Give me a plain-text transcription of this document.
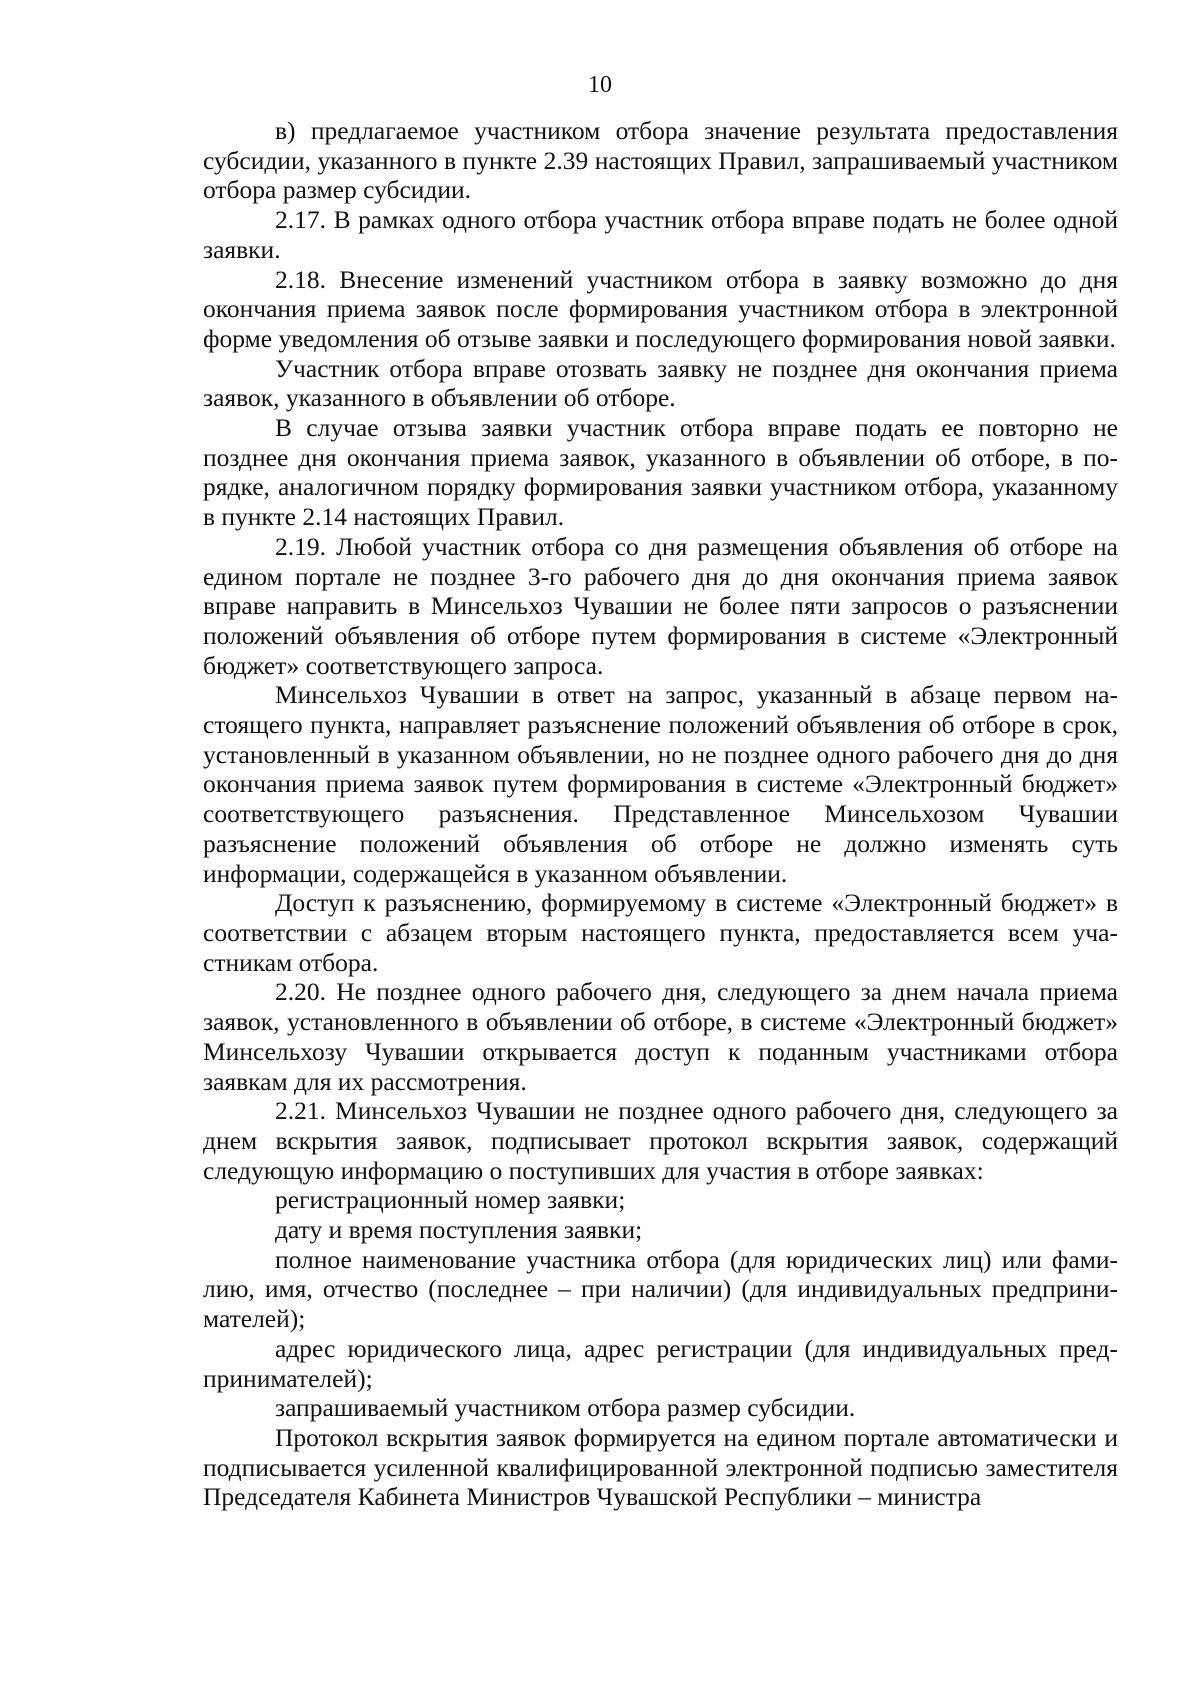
10

в) предлагаемое участником отбора значение результата предоставления субсидии, указанного в пункте 2.39 настоящих Правил, запрашиваемый участником отбора размер субсидии.

2.17. В рамках одного отбора участник отбора вправе подать не более одной заявки.

2.18. Внесение изменений участником отбора в заявку возможно до дня окончания приема заявок после формирования участником отбора в электронной форме уведомления об отзыве заявки и последующего формирования новой заявки.

Участник отбора вправе отозвать заявку не позднее дня окончания приема заявок, указанного в объявлении об отборе.

В случае отзыва заявки участник отбора вправе подать ее повторно не позднее дня окончания приема заявок, указанного в объявлении об отборе, в порядке, аналогичном порядку формирования заявки участником отбора, указанному в пункте 2.14 настоящих Правил.

2.19. Любой участник отбора со дня размещения объявления об отборе на едином портале не позднее 3-го рабочего дня до дня окончания приема заявок вправе направить в Минсельхоз Чувашии не более пяти запросов о разъяснении положений объявления об отборе путем формирования в системе «Электронный бюджет» соответствующего запроса.

Минсельхоз Чувашии в ответ на запрос, указанный в абзаце первом настоящего пункта, направляет разъяснение положений объявления об отборе в срок, установленный в указанном объявлении, но не позднее одного рабочего дня до дня окончания приема заявок путем формирования в системе «Электронный бюджет» соответствующего разъяснения. Представленное Минсельхозом Чувашии разъяснение положений объявления об отборе не должно изменять суть информации, содержащейся в указанном объявлении.

Доступ к разъяснению, формируемому в системе «Электронный бюджет» в соответствии с абзацем вторым настоящего пункта, предоставляется всем участникам отбора.

2.20. Не позднее одного рабочего дня, следующего за днем начала приема заявок, установленного в объявлении об отборе, в системе «Электронный бюджет» Минсельхозу Чувашии открывается доступ к поданным участниками отбора заявкам для их рассмотрения.

2.21. Минсельхоз Чувашии не позднее одного рабочего дня, следующего за днем вскрытия заявок, подписывает протокол вскрытия заявок, содержащий следующую информацию о поступивших для участия в отборе заявках:

регистрационный номер заявки;

дату и время поступления заявки;

полное наименование участника отбора (для юридических лиц) или фамилию, имя, отчество (последнее – при наличии) (для индивидуальных предпринимателей);

адрес юридического лица, адрес регистрации (для индивидуальных предпринимателей);

запрашиваемый участником отбора размер субсидии.

Протокол вскрытия заявок формируется на едином портале автоматически и подписывается усиленной квалифицированной электронной подписью заместителя Председателя Кабинета Министров Чувашской Республики – министра
